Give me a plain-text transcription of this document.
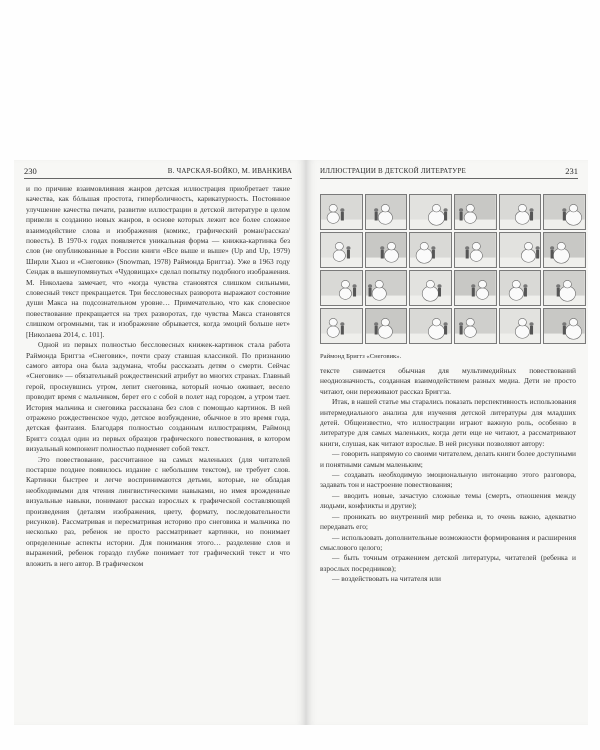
230	В. ЧАРСКАЯ-БОЙКО, М. ИВАНКИВА

и по причине взаимовлияния жанров детская иллюстрация приобретает такие качества, как бóльшая простота, гиперболичность, карикатурность. Постоянное улучшение качества печати, развитие иллюстрации в детской литературе в целом привели к созданию новых жанров, в основе которых лежит все более сложное взаимодействие слова и изображения (комикс, графический роман/рассказ/повесть). В 1970-х годах появляется уникальная форма — книжка-картинка без слов (не опубликованные в России книги «Все выше и выше» (Up and Up, 1979) Ширли Хьюз и «Снеговик» (Snowman, 1978) Раймонда Бриггза). Уже в 1963 году Сендак в вышеупомянутых «Чудовищах» сделал попытку подобного изображения. М. Николаева замечает, что «когда чувства становятся слишком сильными, словесный текст прекращается. Три бессловесных разворота выражают состояние души Макса на подсознательном уровне… Примечательно, что как словесное повествование прекращается на трех разворотах, где чувства Макса становятся слишком огромными, так и изображение обрывается, когда эмоций больше нет» [Николаева 2014, с. 101].

Одной из первых полностью бессловесных книжек-картинок стала работа Раймонда Бриггза «Снеговик», почти сразу ставшая классикой. По признанию самого автора она была задумана, чтобы рассказать детям о смерти. Сейчас «Снеговик» — обязательный рождественский атрибут во многих странах. Главный герой, проснувшись утром, лепит снеговика, который ночью оживает, весело проводит время с мальчиком, берет его с собой в полет над городом, а утром тает. История мальчика и снеговика рассказана без слов с помощью картинок. В ней отражено рождественское чудо, детское возбуждение, обычное в это время года, детская фантазия. Благодаря полностью созданным иллюстрациям, Раймонд Бриггз создал один из первых образцов графического повествования, в котором визуальный компонент полностью подменяет собой текст.

Это повествование, рассчитанное на самых маленьких (для читателей постарше позднее появилось издание с небольшим текстом), не требует слов. Картинки быстрее и легче воспринимаются детьми, которые, не обладая необходимыми для чтения лингвистическими навыками, но имея врожденные визуальные навыки, понимают рассказ взрослых к графической составляющей произведения (деталям изображения, цвету, формату, последовательности рисунков). Рассматривая и пересматривая историю про снеговика и мальчика по несколько раз, ребенок не просто рассматривает картинки, но понимает определенные аспекты истории. Для понимания этого… разделение слов и выражений, ребенок гораздо глубже понимает тот графический текст и что вложить в него автор. В графическом

ИЛЛЮСТРАЦИИ В ДЕТСКОЙ ЛИТЕРАТУРЕ	231
Раймонд Бриггз «Снеговик».

тексте снимается обычная для мультимедийных повествований неоднозначность, созданная взаимодействием разных медиа. Дети не просто читают, они переживают рассказ Бриггза.

Итак, в нашей статье мы старались показать перспективность использования интермедиального анализа для изучения детской литературы для младших детей. Общеизвестно, что иллюстрации играют важную роль, особенно в литературе для самых маленьких, когда дети еще не читают, а рассматривают книги, слушая, как читают взрослые. В ней рисунки позволяют автору:

— говорить напрямую со своими читателем, делать книги более доступными и понятными самым маленьким;

— создавать необходимую эмоциональную интонацию этого разговора, задавать тон и настроение повествования;

— вводить новые, зачастую сложные темы (смерть, отношения между людьми, конфликты и другие);

— проникать во внутренний мир ребенка и, то очень важно, адекватно передавать его;

— использовать дополнительные возможности формирования и расширения смыслового целого;

— быть точным отражением детской литературы, читателей (ребенка и взрослых посредников);

— воздействовать на читателя или
